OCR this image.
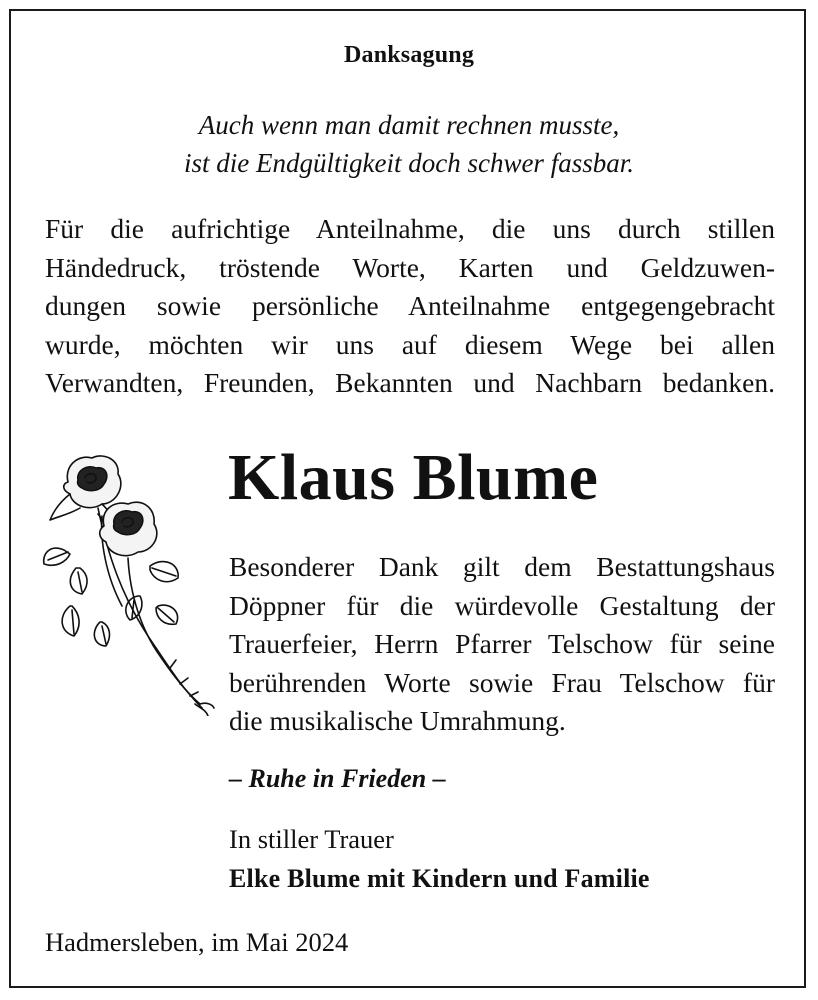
Danksagung
Auch wenn man damit rechnen musste,
ist die Endgültigkeit doch schwer fassbar.
Für die aufrichtige Anteilnahme, die uns durch stillen
Händedruck, tröstende Worte, Karten und Geldzuwen-
dungen sowie persönliche Anteilnahme entgegengebracht
wurde, möchten wir uns auf diesem Wege bei allen
Verwandten, Freunden, Bekannten und Nachbarn bedanken.
Klaus Blume
Besonderer Dank gilt dem Bestattungshaus
Döppner für die würdevolle Gestaltung der
Trauerfeier, Herrn Pfarrer Telschow für seine
berührenden Worte sowie Frau Telschow für
die musikalische Umrahmung.
– Ruhe in Frieden –
In stiller Trauer
Elke Blume mit Kindern und Familie
Hadmersleben, im Mai 2024
